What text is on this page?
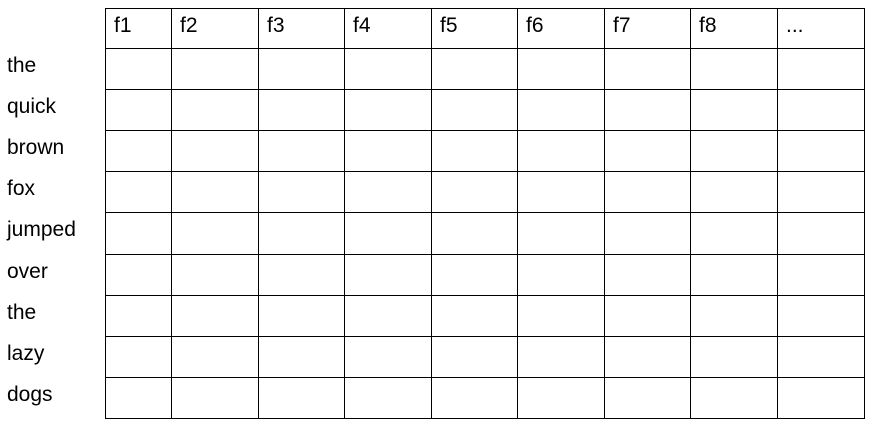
f1 f2	f3	f4	f5	f6	f7	f8	...
the
quick
brown
fox
jumped
over
the
lazy
dogs
